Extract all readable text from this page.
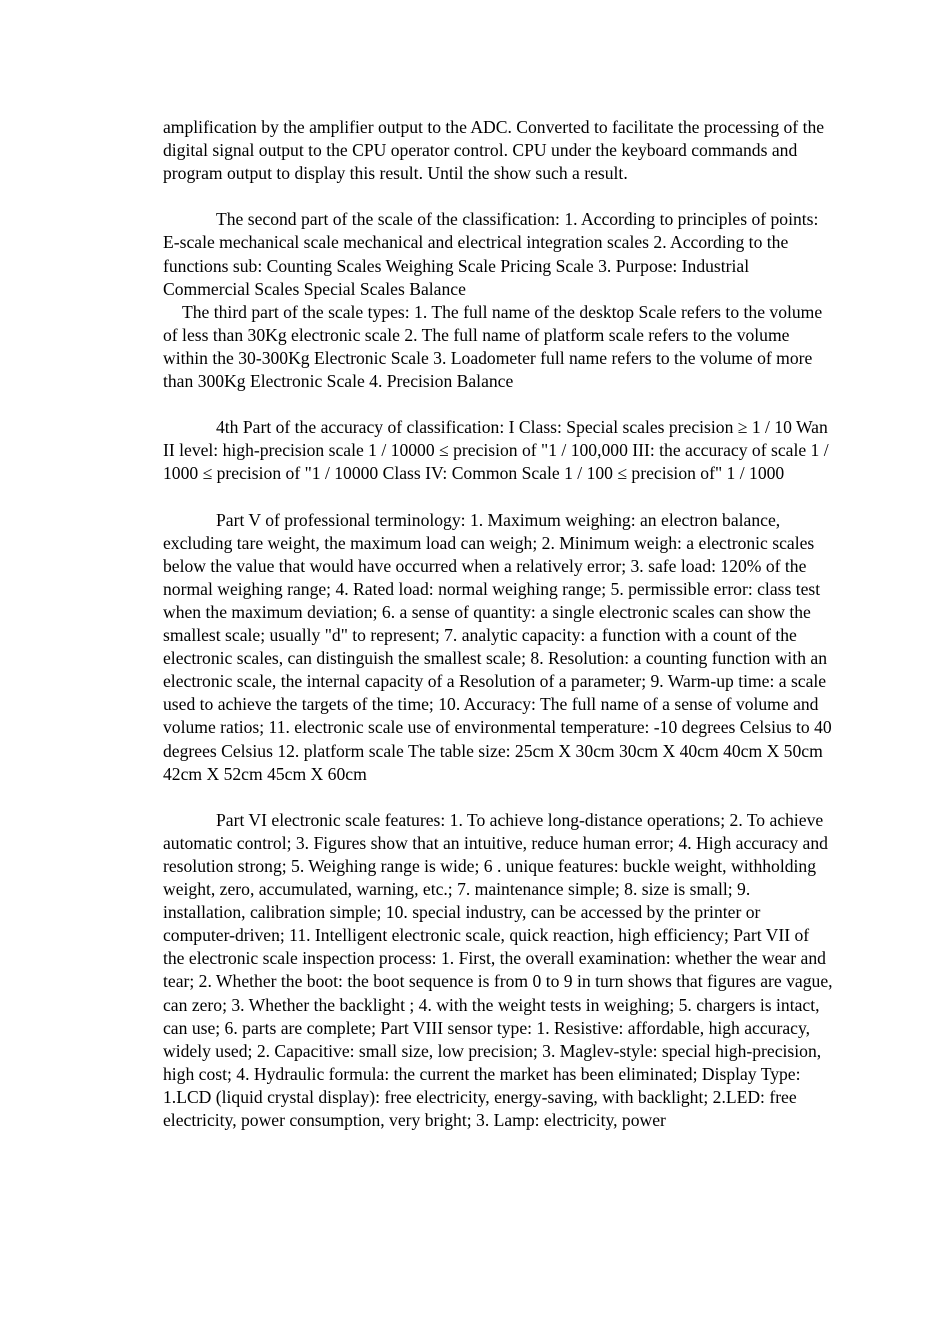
amplification by the amplifier output to the ADC. Converted to facilitate the processing of the digital signal output to the CPU operator control. CPU under the keyboard commands and program output to display this result. Until the show such a result.

The second part of the scale of the classification: 1. According to principles of points: E-scale mechanical scale mechanical and electrical integration scales 2. According to the functions sub: Counting Scales Weighing Scale Pricing Scale 3. Purpose: Industrial Commercial Scales Special Scales Balance

The third part of the scale types: 1. The full name of the desktop Scale refers to the volume of less than 30Kg electronic scale 2. The full name of platform scale refers to the volume within the 30-300Kg Electronic Scale 3. Loadometer full name refers to the volume of more than 300Kg Electronic Scale 4. Precision Balance

4th Part of the accuracy of classification: I Class: Special scales precision ≥ 1 / 10 Wan II level: high-precision scale 1 / 10000 ≤ precision of "1 / 100,000 III: the accuracy of scale 1 / 1000 ≤ precision of "1 / 10000 Class IV: Common Scale 1 / 100 ≤ precision of" 1 / 1000

Part V of professional terminology: 1. Maximum weighing: an electron balance, excluding tare weight, the maximum load can weigh; 2. Minimum weigh: a electronic scales below the value that would have occurred when a relatively error; 3. safe load: 120% of the normal weighing range; 4. Rated load: normal weighing range; 5. permissible error: class test when the maximum deviation; 6. a sense of quantity: a single electronic scales can show the smallest scale; usually "d" to represent; 7. analytic capacity: a function with a count of the electronic scales, can distinguish the smallest scale; 8. Resolution: a counting function with an electronic scale, the internal capacity of a Resolution of a parameter; 9. Warm-up time: a scale used to achieve the targets of the time; 10. Accuracy: The full name of a sense of volume and volume ratios; 11. electronic scale use of environmental temperature: -10 degrees Celsius to 40 degrees Celsius 12. platform scale The table size: 25cm X 30cm 30cm X 40cm 40cm X 50cm 42cm X 52cm 45cm X 60cm

Part VI electronic scale features: 1. To achieve long-distance operations; 2. To achieve automatic control; 3. Figures show that an intuitive, reduce human error; 4. High accuracy and resolution strong; 5. Weighing range is wide; 6 . unique features: buckle weight, withholding weight, zero, accumulated, warning, etc.; 7. maintenance simple; 8. size is small; 9. installation, calibration simple; 10. special industry, can be accessed by the printer or computer-driven; 11. Intelligent electronic scale, quick reaction, high efficiency; Part VII of the electronic scale inspection process: 1. First, the overall examination: whether the wear and tear; 2. Whether the boot: the boot sequence is from 0 to 9 in turn shows that figures are vague, can zero; 3. Whether the backlight ; 4. with the weight tests in weighing; 5. chargers is intact, can use; 6. parts are complete; Part VIII sensor type: 1. Resistive: affordable, high accuracy, widely used; 2. Capacitive: small size, low precision; 3. Maglev-style: special high-precision, high cost; 4. Hydraulic formula: the current the market has been eliminated; Display Type: 1.LCD (liquid crystal display): free electricity, energy-saving, with backlight; 2.LED: free electricity, power consumption, very bright; 3. Lamp: electricity, power
